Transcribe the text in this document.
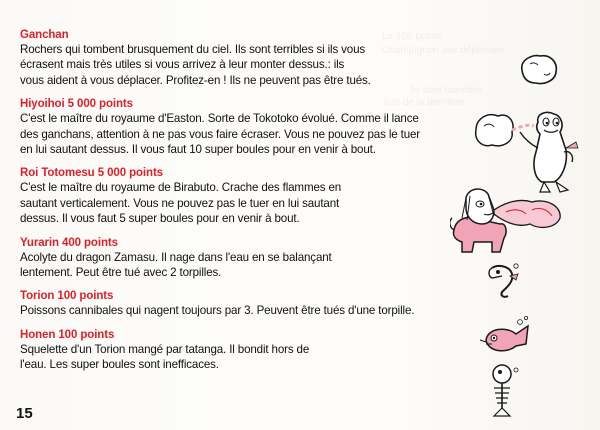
Le 100 points
Champignon aux dépenses
Ils sont marches
lors de la dernière
Ganchan
Rochers qui tombent brusquement du ciel. Ils sont terribles si ils vous
écrasent mais très utiles si vous arrivez à leur monter dessus.: ils
vous aident à vous déplacer. Profitez-en ! Ils ne peuvent pas être tués.
Hiyoihoi 5 000 points
C'est le maître du royaume d'Easton. Sorte de Tokotoko évolué. Comme il lance
des ganchans, attention à ne pas vous faire écraser. Vous ne pouvez pas le tuer
en lui sautant dessus. Il vous faut 10 super boules pour en venir à bout.
Roi Totomesu 5 000 points
C'est le maître du royaume de Birabuto. Crache des flammes en
sautant verticalement. Vous ne pouvez pas le tuer en lui sautant
dessus. Il vous faut 5 super boules pour en venir à bout.
Yurarin 400 points
Acolyte du dragon Zamasu. Il nage dans l'eau en se balançant
lentement. Peut être tué avec 2 torpilles.
Torion 100 points
Poissons cannibales qui nagent toujours par 3. Peuvent être tués d'une torpille.
Honen 100 points
Squelette d'un Torion mangé par tatanga. Il bondit hors de
l'eau. Les super boules sont inefficaces.
15
